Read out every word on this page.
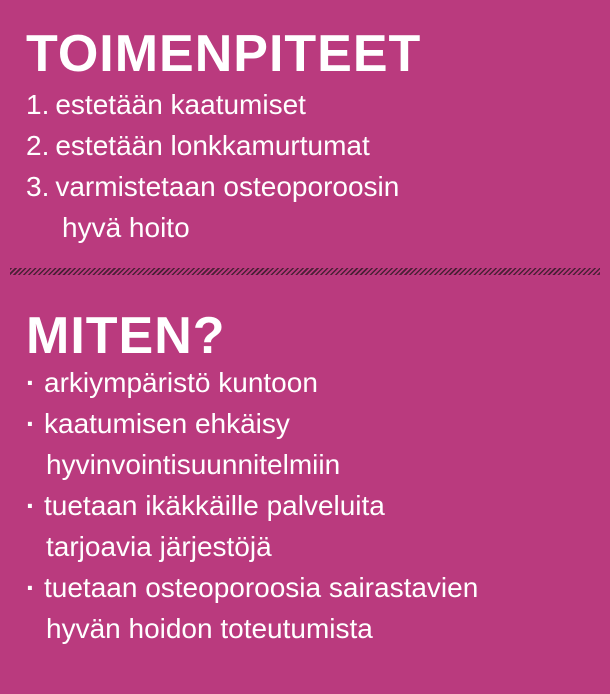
TOIMENPITEET
1. estetään kaatumiset
2. estetään lonkkamurtumat
3. varmistetaan osteoporoosin
hyvä hoito
MITEN?
· arkiympäristö kuntoon
· kaatumisen ehkäisy
hyvinvointisuunnitelmiin
· tuetaan ikäkkäille palveluita
tarjoavia järjestöjä
· tuetaan osteoporoosia sairastavien
hyvän hoidon toteutumista
